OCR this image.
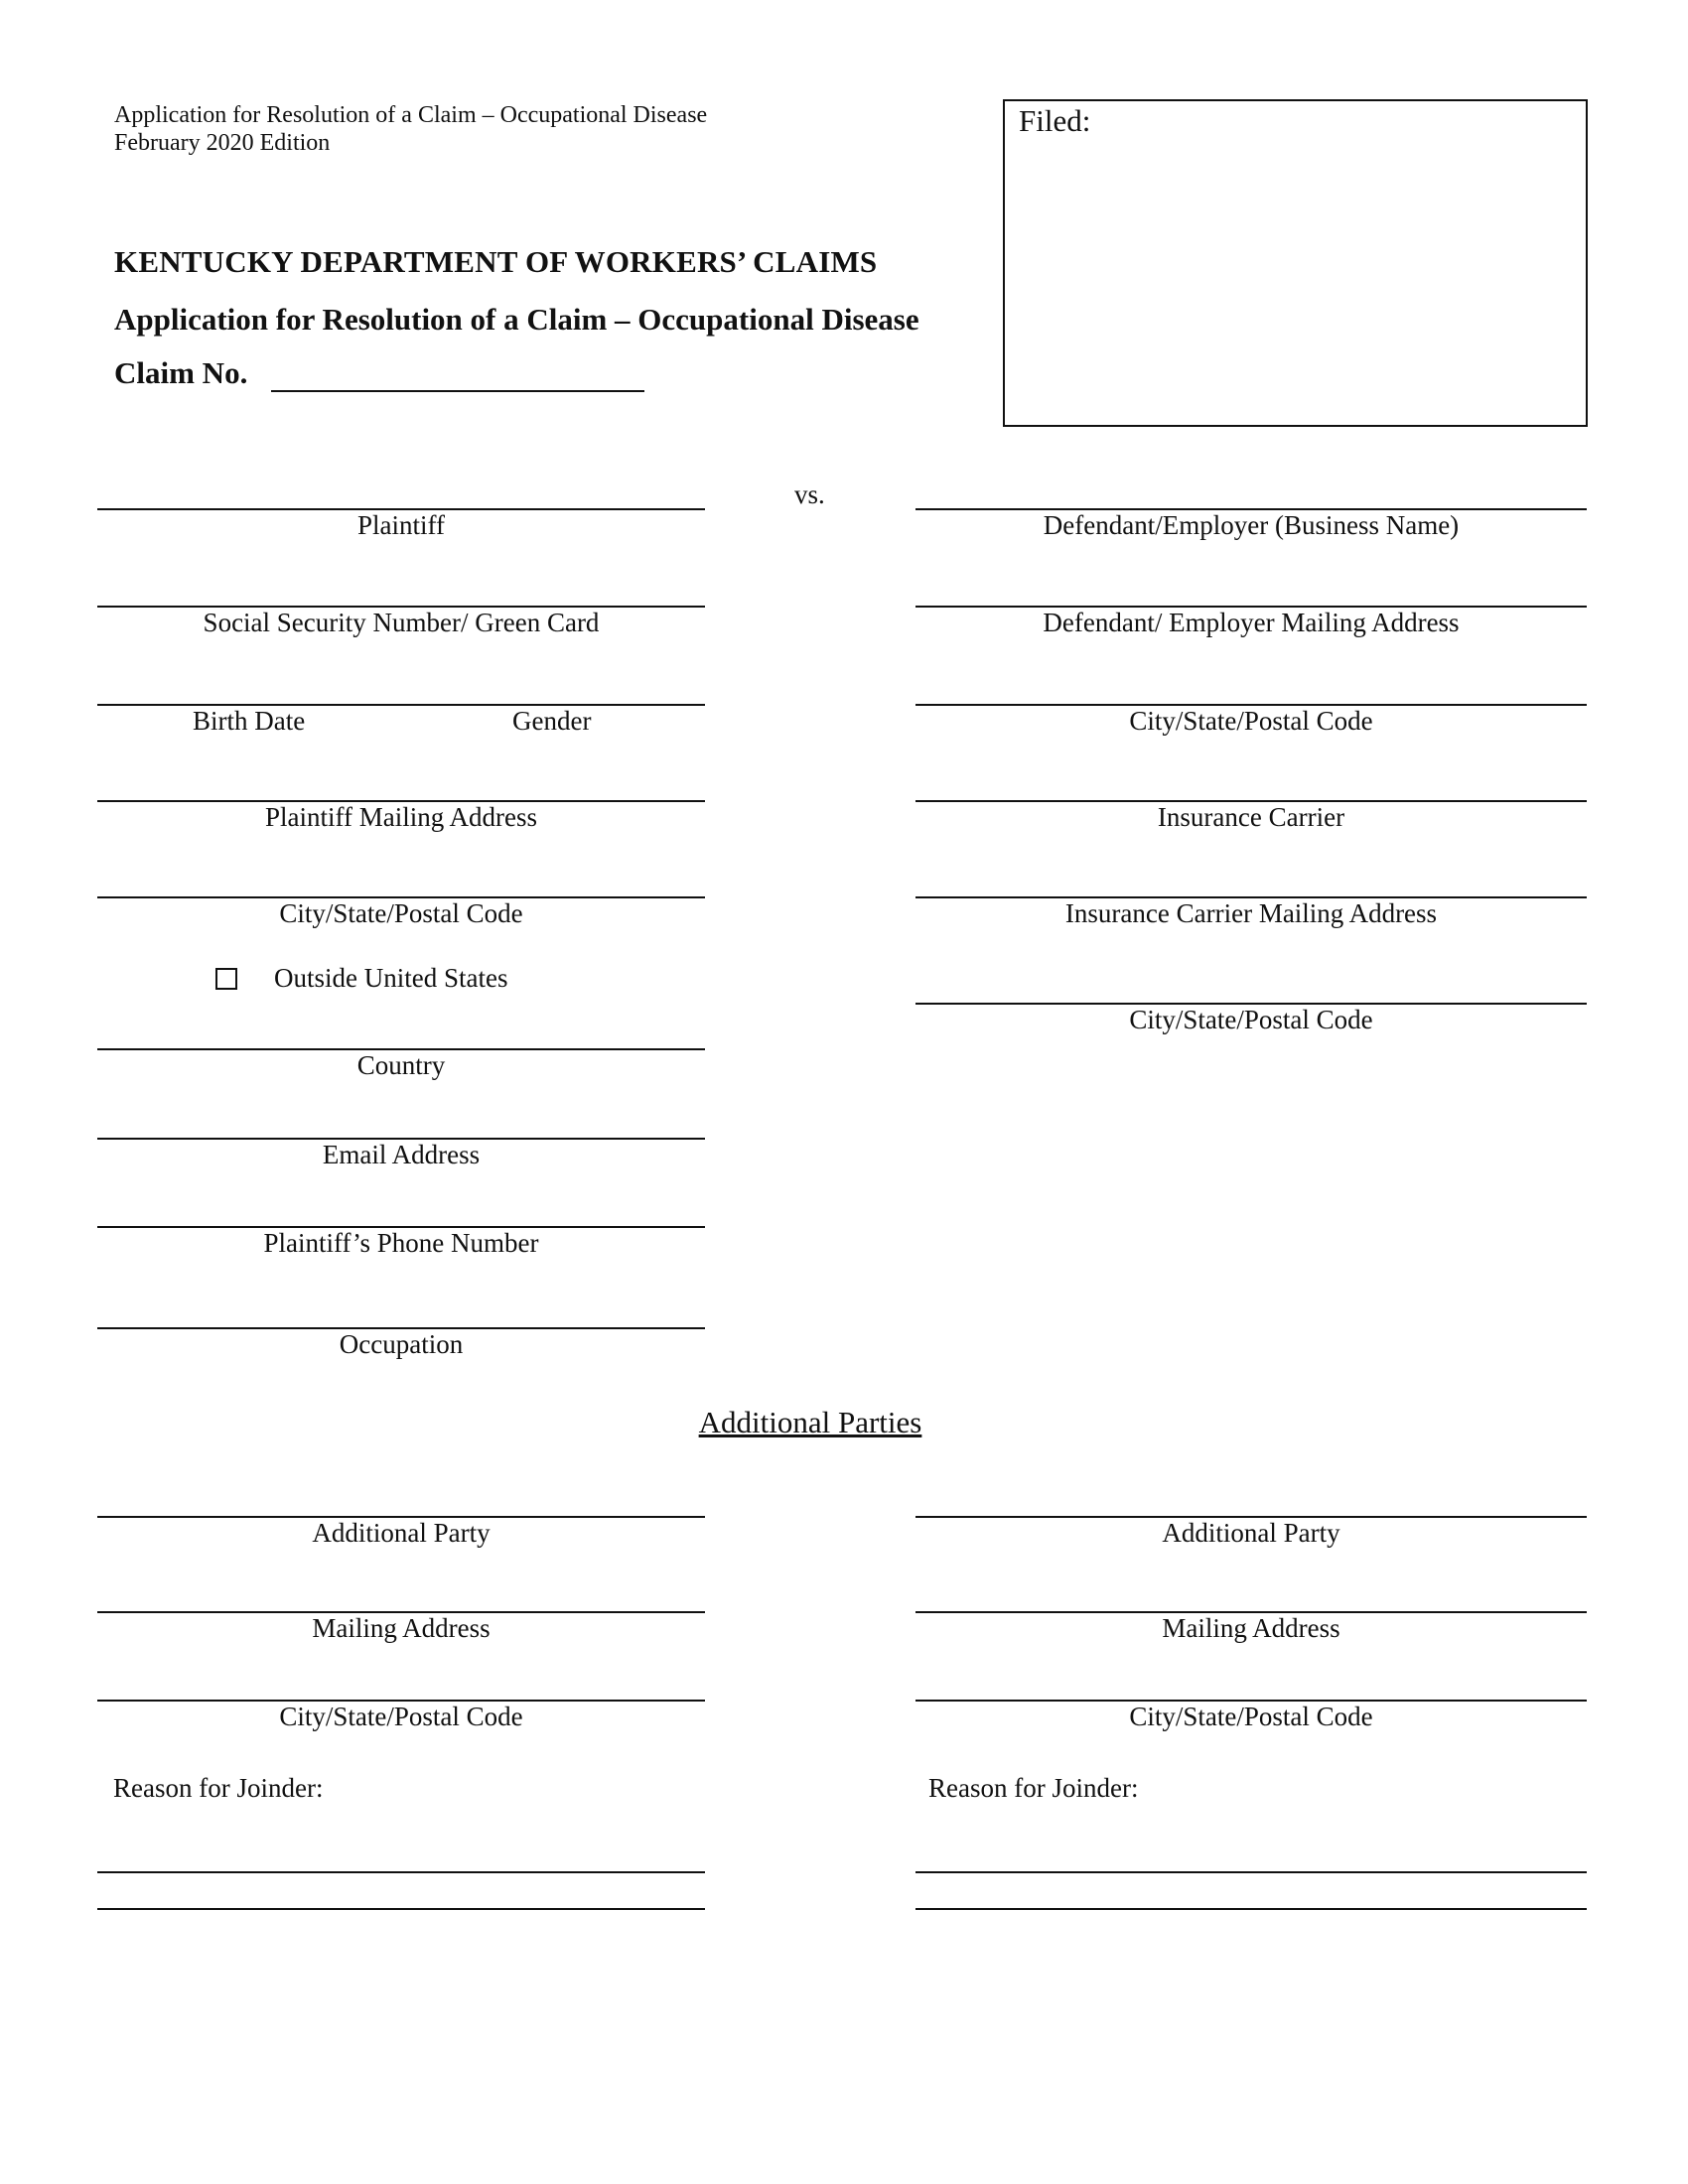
Application for Resolution of a Claim – Occupational Disease
February 2020 Edition
KENTUCKY DEPARTMENT OF WORKERS’ CLAIMS
Application for Resolution of a Claim – Occupational Disease
Claim No.
Filed:
vs.
Plaintiff
Social Security Number/ Green Card
Birth Date	Gender
Plaintiff Mailing Address
City/State/Postal Code
Outside United States
Country
Email Address
Plaintiff’s Phone Number
Occupation
Defendant/Employer (Business Name)
Defendant/ Employer Mailing Address
City/State/Postal Code
Insurance Carrier
Insurance Carrier Mailing Address
City/State/Postal Code
Additional Parties
Additional Party
Mailing Address
City/State/Postal Code
Reason for Joinder:
Additional Party
Mailing Address
City/State/Postal Code
Reason for Joinder:
